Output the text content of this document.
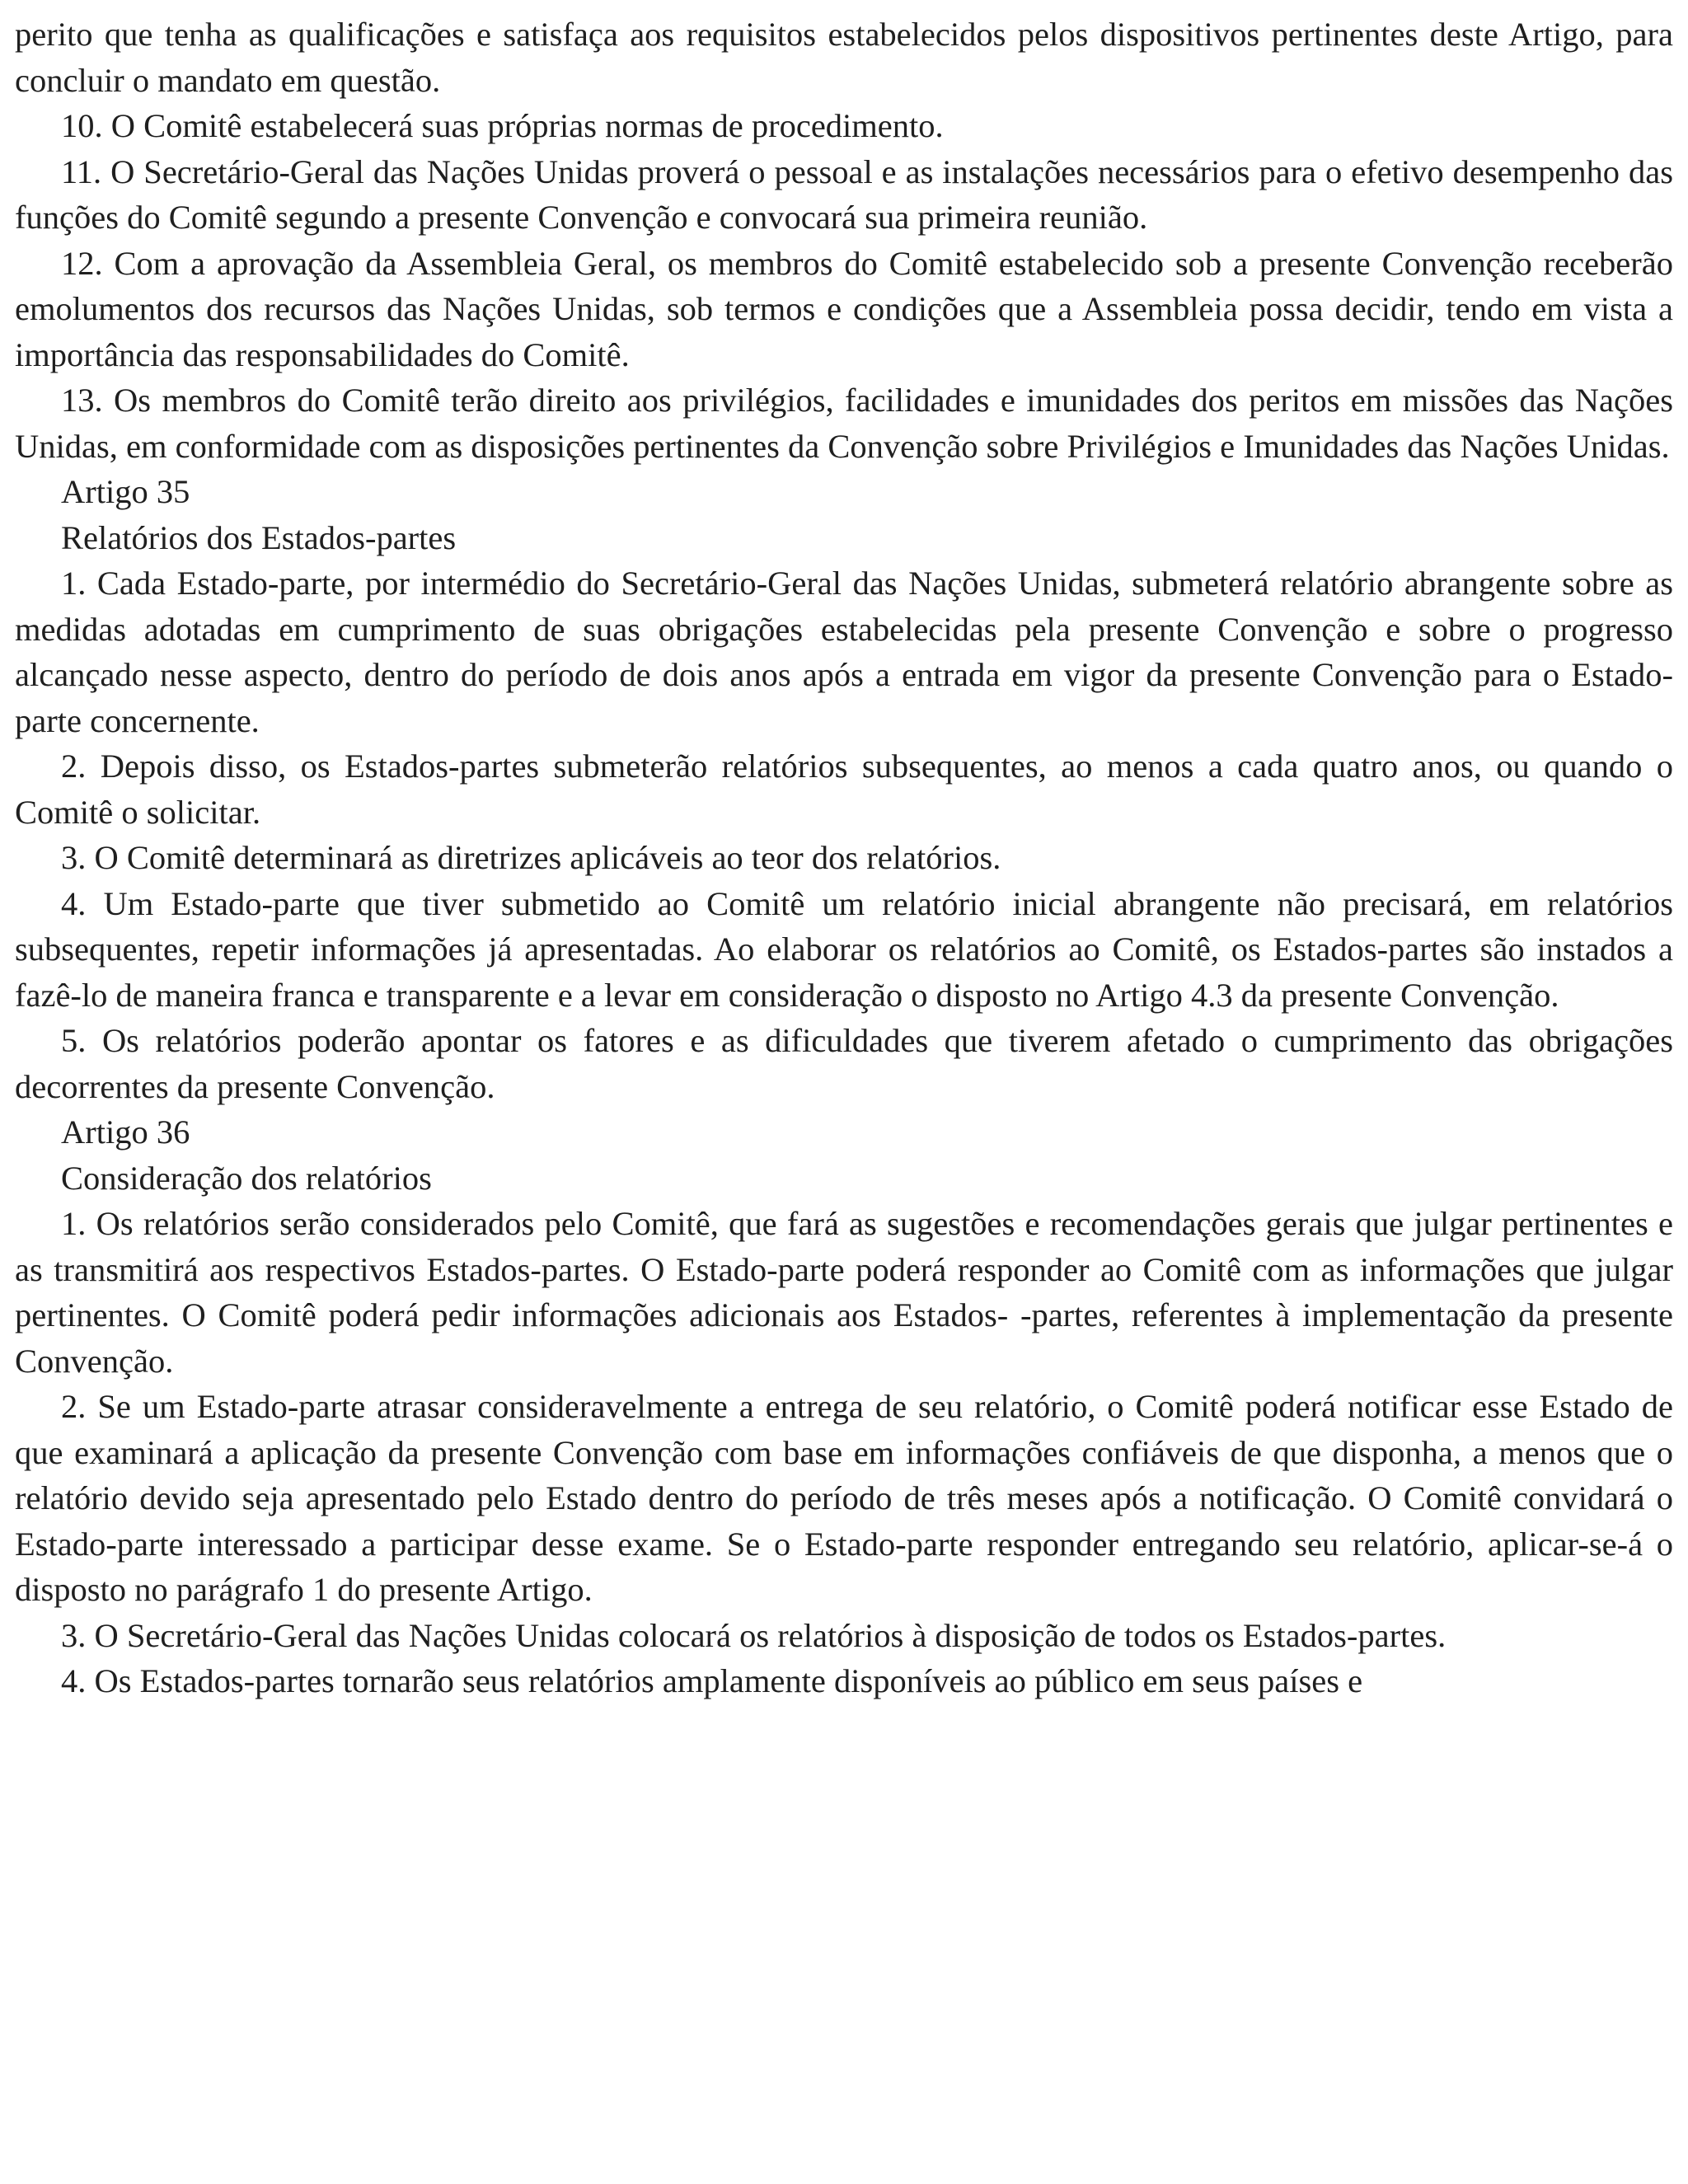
perito que tenha as qualificações e satisfaça aos requisitos estabelecidos pelos dispositivos pertinentes deste Artigo, para concluir o mandato em questão.

10. O Comitê estabelecerá suas próprias normas de procedimento.

11. O Secretário-Geral das Nações Unidas proverá o pessoal e as instalações necessários para o efetivo desempenho das funções do Comitê segundo a presente Convenção e convocará sua primeira reunião.

12. Com a aprovação da Assembleia Geral, os membros do Comitê estabelecido sob a presente Convenção receberão emolumentos dos recursos das Nações Unidas, sob termos e condições que a Assembleia possa decidir, tendo em vista a importância das responsabilidades do Comitê.

13. Os membros do Comitê terão direito aos privilégios, facilidades e imunidades dos peritos em missões das Nações Unidas, em conformidade com as disposições pertinentes da Convenção sobre Privilégios e Imunidades das Nações Unidas.

Artigo 35

Relatórios dos Estados-partes

1. Cada Estado-parte, por intermédio do Secretário-Geral das Nações Unidas, submeterá relatório abrangente sobre as medidas adotadas em cumprimento de suas obrigações estabelecidas pela presente Convenção e sobre o progresso alcançado nesse aspecto, dentro do período de dois anos após a entrada em vigor da presente Convenção para o Estado-parte concernente.

2. Depois disso, os Estados-partes submeterão relatórios subsequentes, ao menos a cada quatro anos, ou quando o Comitê o solicitar.

3. O Comitê determinará as diretrizes aplicáveis ao teor dos relatórios.

4. Um Estado-parte que tiver submetido ao Comitê um relatório inicial abrangente não precisará, em relatórios subsequentes, repetir informações já apresentadas. Ao elaborar os relatórios ao Comitê, os Estados-partes são instados a fazê-lo de maneira franca e transparente e a levar em consideração o disposto no Artigo 4.3 da presente Convenção.

5. Os relatórios poderão apontar os fatores e as dificuldades que tiverem afetado o cumprimento das obrigações decorrentes da presente Convenção.

Artigo 36

Consideração dos relatórios

1. Os relatórios serão considerados pelo Comitê, que fará as sugestões e recomendações gerais que julgar pertinentes e as transmitirá aos respectivos Estados-partes. O Estado-parte poderá responder ao Comitê com as informações que julgar pertinentes. O Comitê poderá pedir informações adicionais aos Estados- -partes, referentes à implementação da presente Convenção.

2. Se um Estado-parte atrasar consideravelmente a entrega de seu relatório, o Comitê poderá notificar esse Estado de que examinará a aplicação da presente Convenção com base em informações confiáveis de que disponha, a menos que o relatório devido seja apresentado pelo Estado dentro do período de três meses após a notificação. O Comitê convidará o Estado-parte interessado a participar desse exame. Se o Estado-parte responder entregando seu relatório, aplicar-se-á o disposto no parágrafo 1 do presente Artigo.

3. O Secretário-Geral das Nações Unidas colocará os relatórios à disposição de todos os Estados-partes.

4. Os Estados-partes tornarão seus relatórios amplamente disponíveis ao público em seus países e
